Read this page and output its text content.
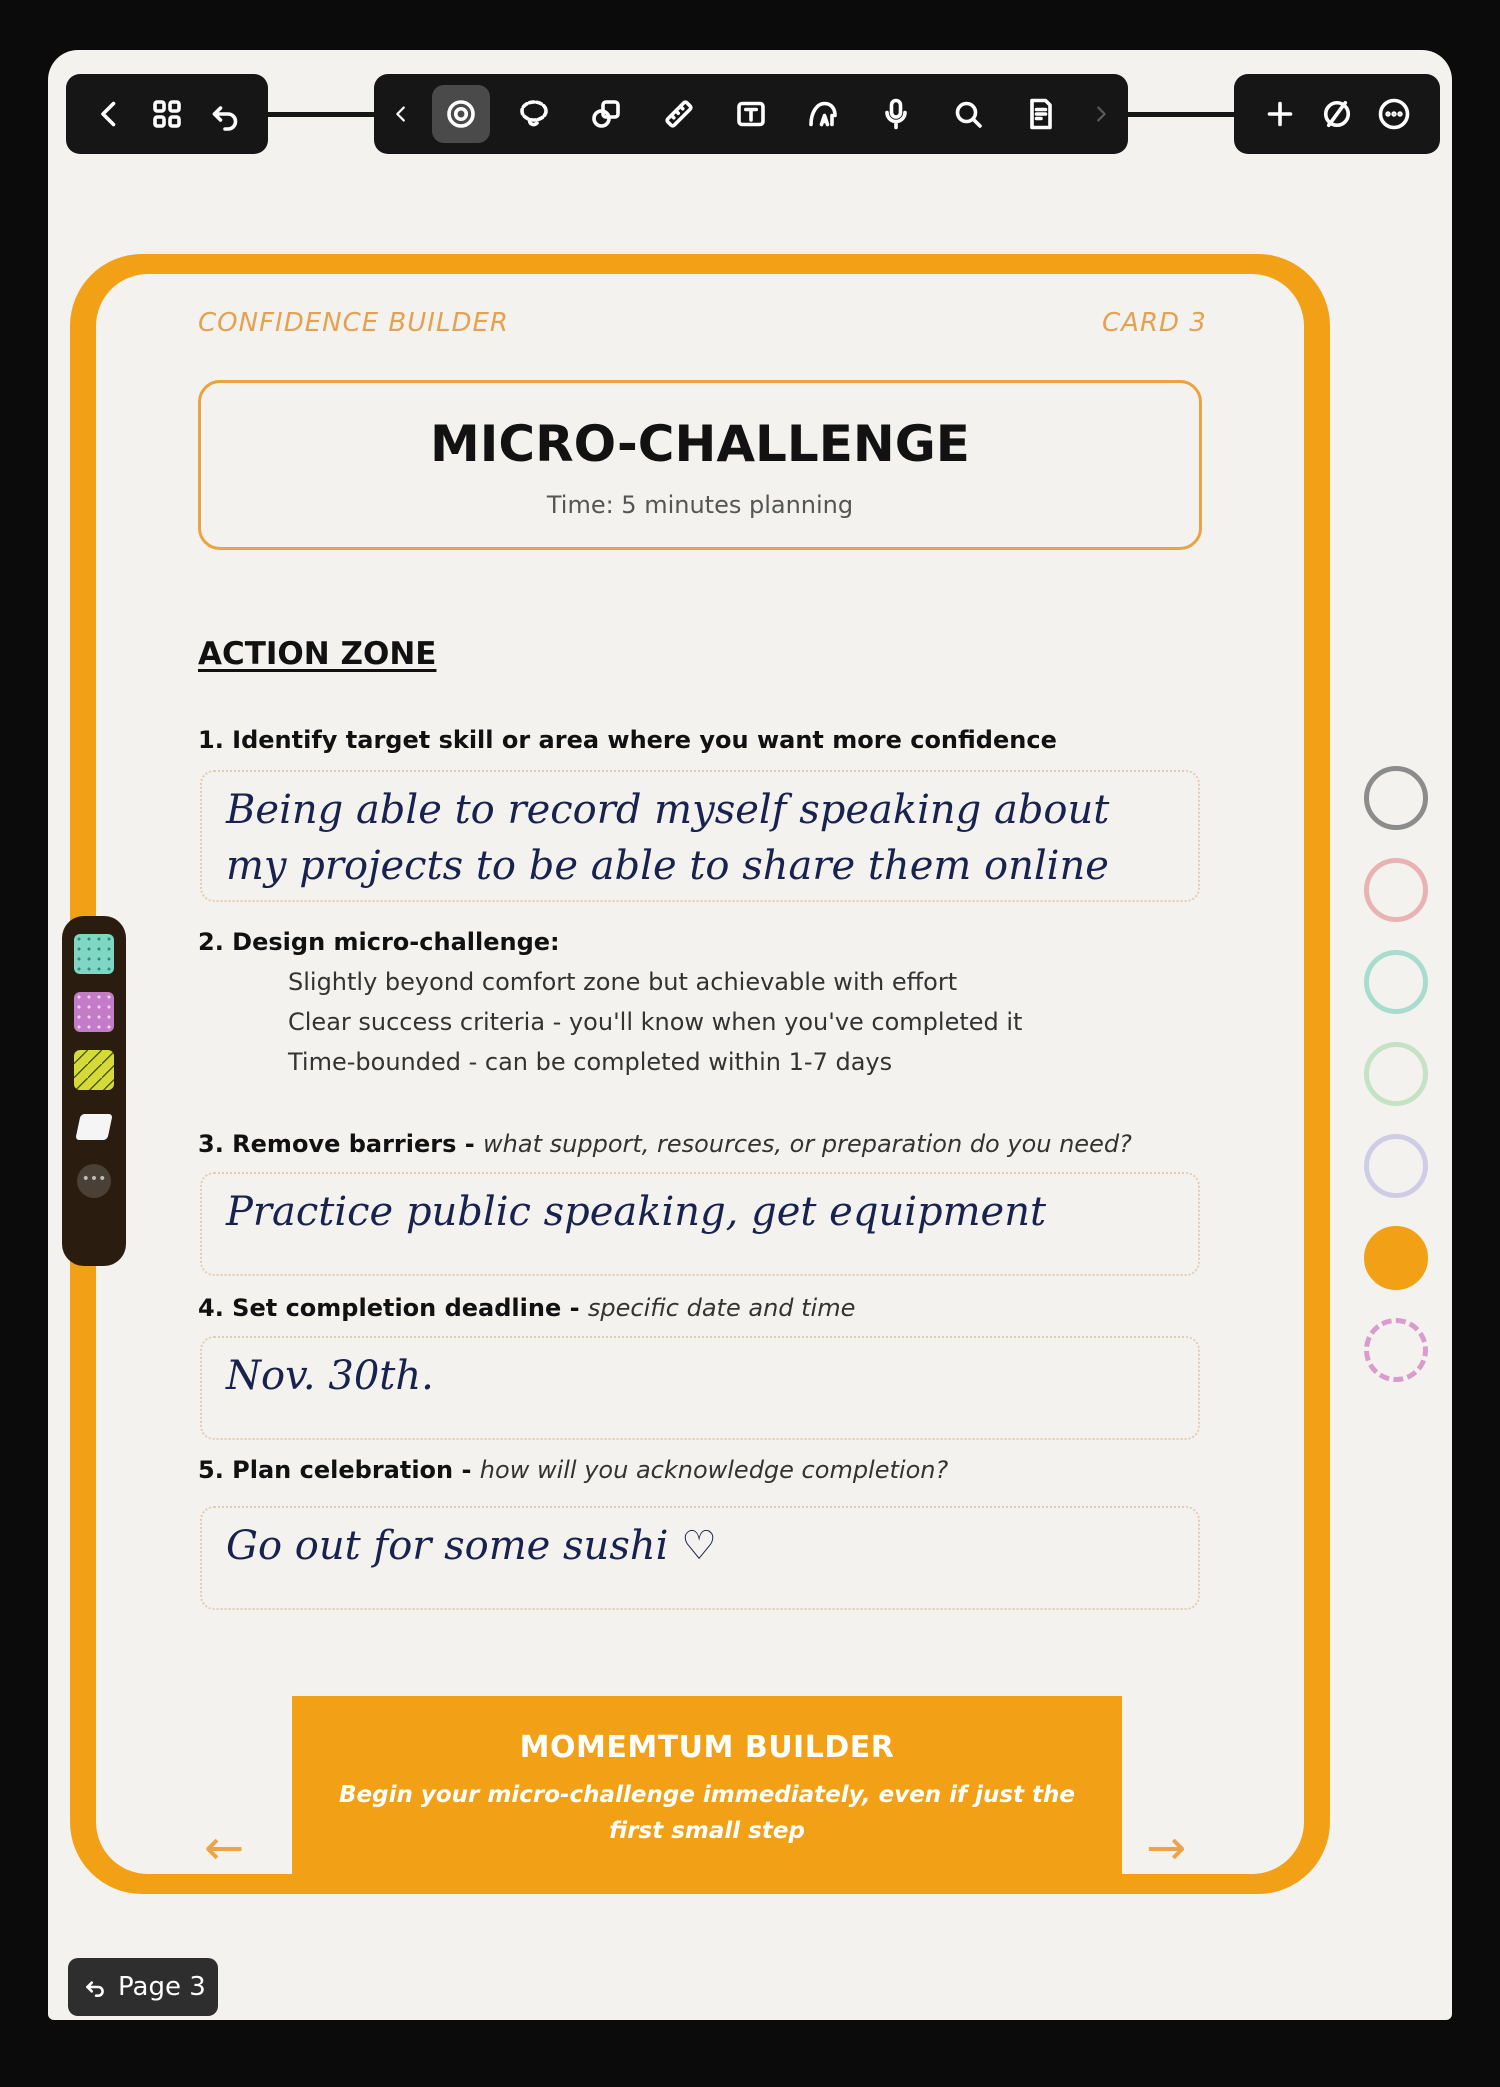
CONFIDENCE BUILDER	CARD 3
MICRO-CHALLENGE
Time: 5 minutes planning
ACTION ZONE
1. Identify target skill or area where you want more confidence
Being able to record myself speaking about my projects to be able to share them online
2. Design micro-challenge:
Slightly beyond comfort zone but achievable with effort
Clear success criteria - you'll know when you've completed it
Time-bounded - can be completed within 1-7 days
3. Remove barriers - what support, resources, or preparation do you need?
Practice public speaking, get equipment
4. Set completion deadline - specific date and time
Nov. 30th.
5. Plan celebration - how will you acknowledge completion?
Go out for some sushi ♡
MOMEMTUM BUILDER
Begin your micro-challenge immediately, even if just the first small step
←	→
•••
Page 3
